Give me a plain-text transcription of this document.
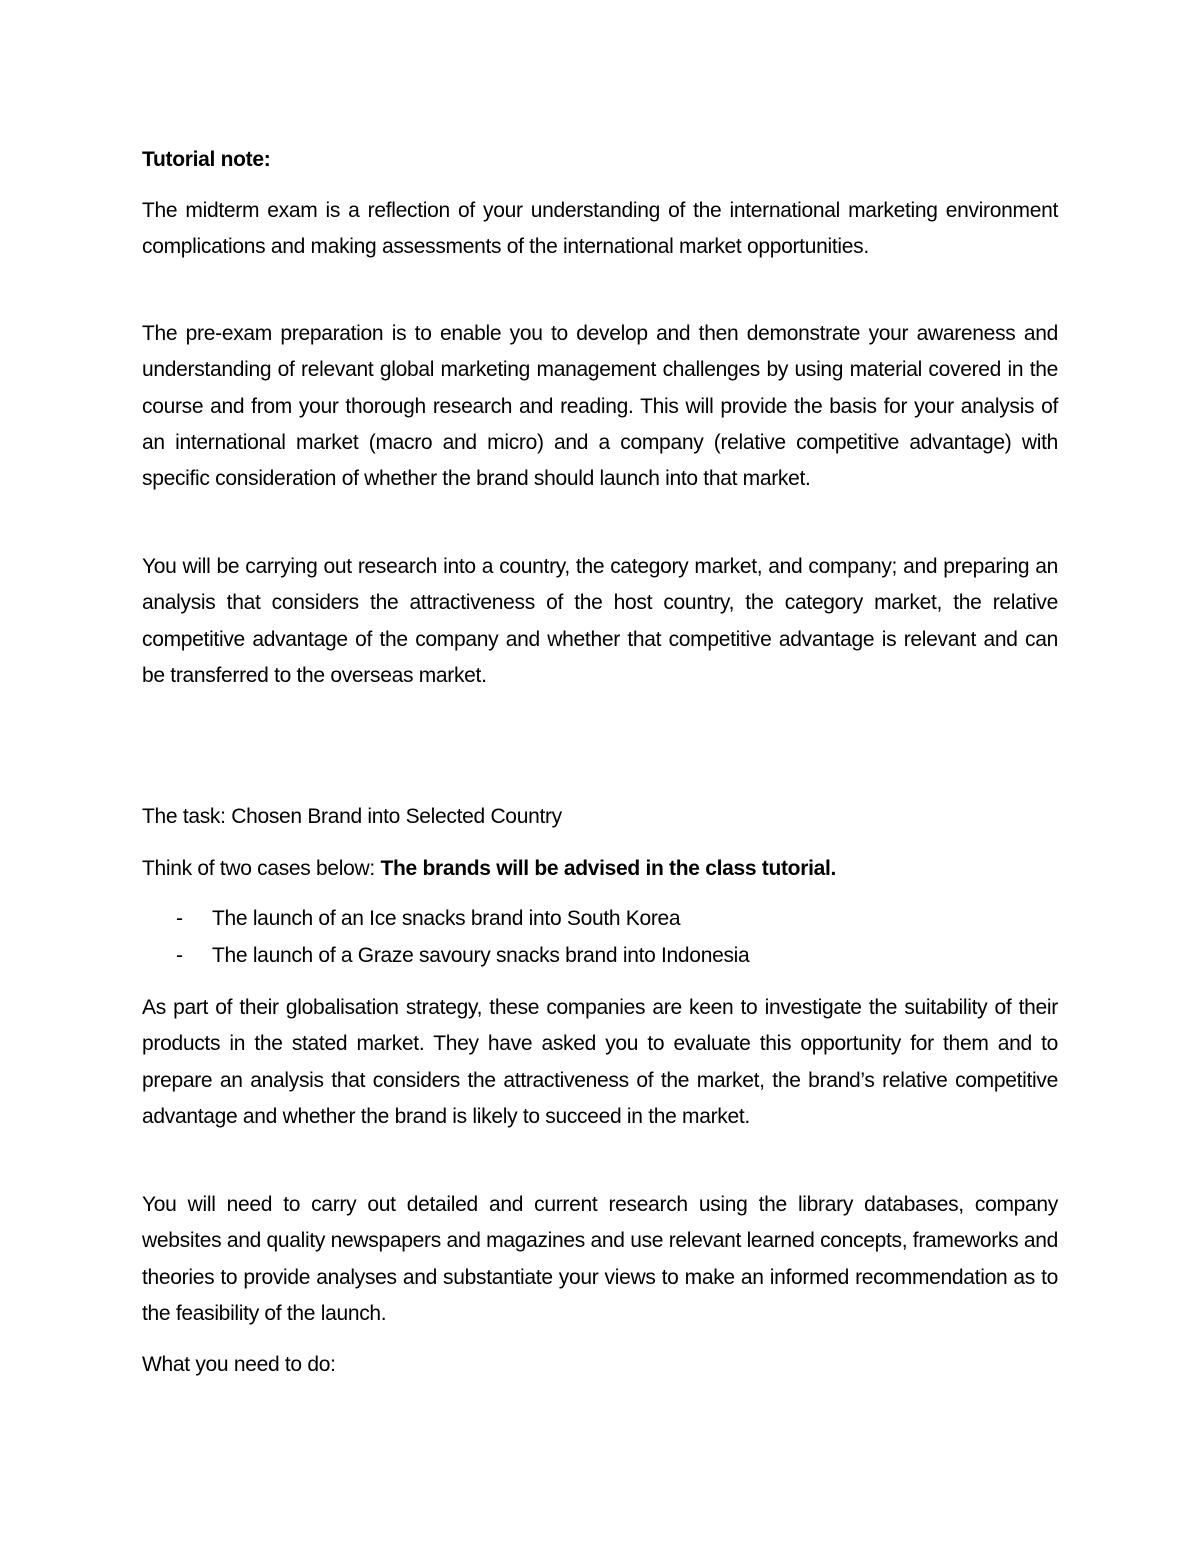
Tutorial note:

The midterm exam is a reflection of your understanding of the international marketing environment complications and making assessments of the international market opportunities.

The pre-exam preparation is to enable you to develop and then demonstrate your awareness and understanding of relevant global marketing management challenges by using material covered in the course and from your thorough research and reading. This will provide the basis for your analysis of an international market (macro and micro) and a company (relative competitive advantage) with specific consideration of whether the brand should launch into that market.

You will be carrying out research into a country, the category market, and company; and preparing an analysis that considers the attractiveness of the host country, the category market, the relative competitive advantage of the company and whether that competitive advantage is relevant and can be transferred to the overseas market.

The task: Chosen Brand into Selected Country
Think of two cases below: The brands will be advised in the class tutorial.
- The launch of an Ice snacks brand into South Korea
- The launch of a Graze savoury snacks brand into Indonesia

As part of their globalisation strategy, these companies are keen to investigate the suitability of their products in the stated market. They have asked you to evaluate this opportunity for them and to prepare an analysis that considers the attractiveness of the market, the brand’s relative competitive advantage and whether the brand is likely to succeed in the market.

You will need to carry out detailed and current research using the library databases, company websites and quality newspapers and magazines and use relevant learned concepts, frameworks and theories to provide analyses and substantiate your views to make an informed recommendation as to the feasibility of the launch.

What you need to do:
